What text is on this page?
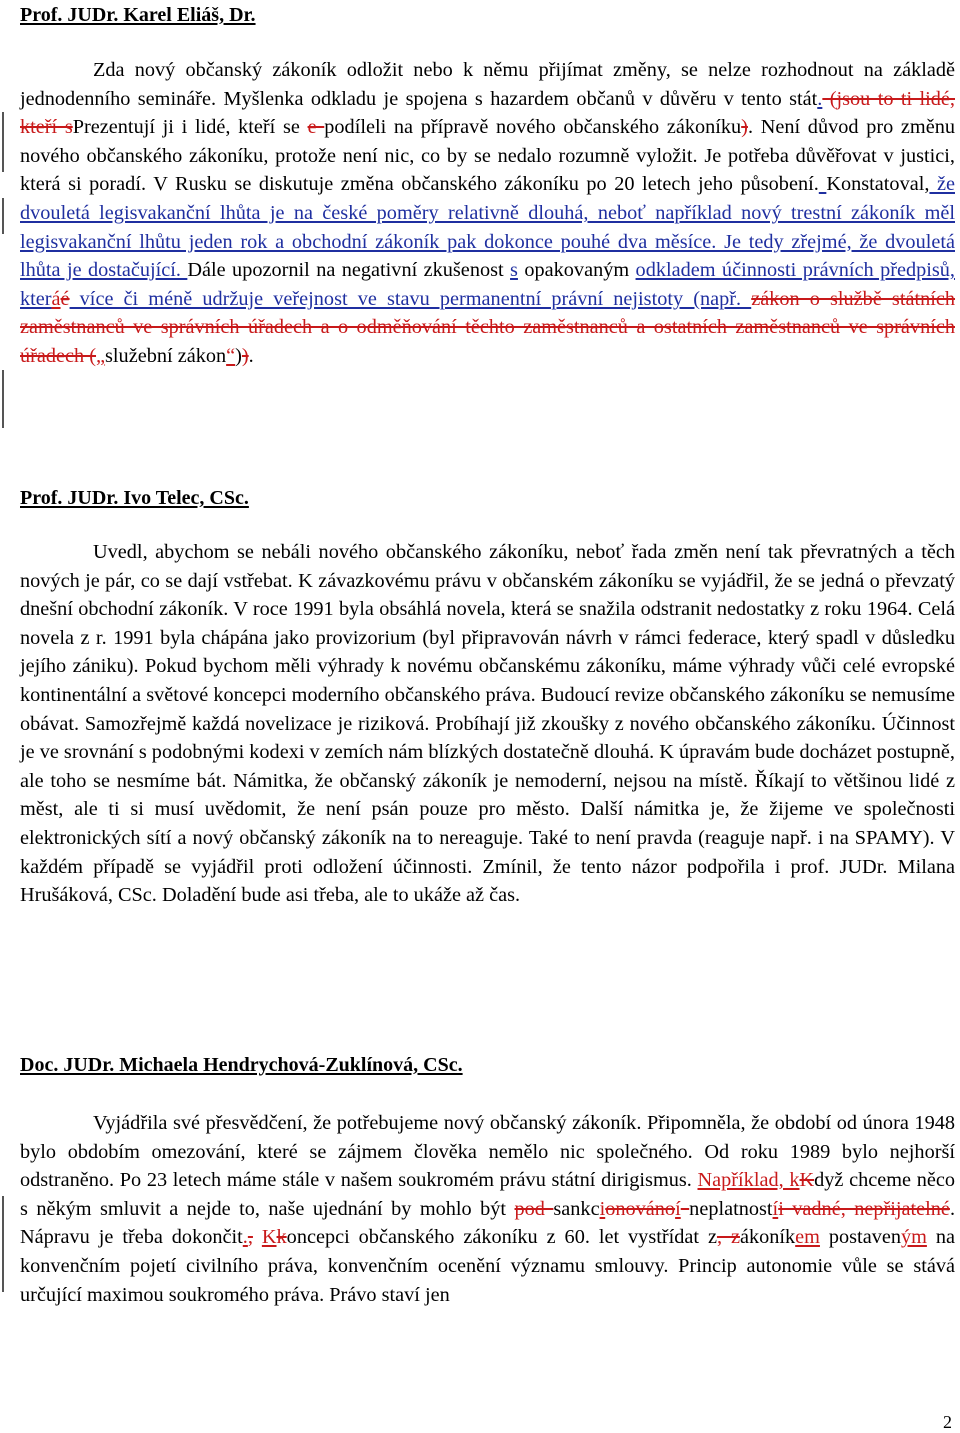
Prof. JUDr. Karel Eliáš, Dr.

Zda nový občanský zákoník odložit nebo k němu přijímat změny, se nelze rozhodnout na základě jednodenního semináře. Myšlenka odkladu je spojena s hazardem občanů v důvěru v tento stát. (jsou to ti lidé, kteří sPrezentují ji i lidé, kteří se e podíleli na přípravě nového občanského zákoníku). Není důvod pro změnu nového občanského zákoníku, protože není nic, co by se nedalo rozumně vyložit. Je potřeba důvěřovat v justici, která si poradí. V Rusku se diskutuje změna občanského zákoníku po 20 letech jeho působení. Konstatoval, že dvouletá legisvakanční lhůta je na české poměry relativně dlouhá, neboť například nový trestní zákoník měl legisvakanční lhůtu jeden rok a obchodní zákoník pak dokonce pouhé dva měsíce. Je tedy zřejmé, že dvouletá lhůta je dostačující. Dále upozornil na negativní zkušenost s opakovaným odkladem účinnosti právních předpisů, kteráé více či méně udržuje veřejnost ve stavu permanentní právní nejistoty (např. zákon o službě státních zaměstnanců ve správních úřadech a o odměňování těchto zaměstnanců a ostatních zaměstnanců ve správních úřadech („služební zákon“)).

Prof. JUDr. Ivo Telec, CSc.

Uvedl, abychom se nebáli nového občanského zákoníku, neboť řada změn není tak převratných a těch nových je pár, co se dají vstřebat. K závazkovému právu v občanském zákoníku se vyjádřil, že se jedná o převzatý dnešní obchodní zákoník. V roce 1991 byla obsáhlá novela, která se snažila odstranit nedostatky z roku 1964. Celá novela z r. 1991 byla chápána jako provizorium (byl připravován návrh v rámci federace, který spadl v důsledku jejího zániku). Pokud bychom měli výhrady k novému občanskému zákoníku, máme výhrady vůči celé evropské kontinentální a světové koncepci moderního občanského práva. Budoucí revize občanského zákoníku se nemusíme obávat. Samozřejmě každá novelizace je riziková. Probíhají již zkoušky z nového občanského zákoníku. Účinnost je ve srovnání s podobnými kodexi v zemích nám blízkých dostatečně dlouhá. K úpravám bude docházet postupně, ale toho se nesmíme bát. Námitka, že občanský zákoník je nemoderní, nejsou na místě. Říkají to většinou lidé z měst, ale ti si musí uvědomit, že není psán pouze pro město. Další námitka je, že žijeme ve společnosti elektronických sítí a nový občanský zákoník na to nereaguje. Také to není pravda (reaguje např. i na SPAMY). V každém případě se vyjádřil proti odložení účinnosti. Zmínil, že tento názor podpořila i prof. JUDr. Milana Hrušáková, CSc. Doladění bude asi třeba, ale to ukáže až čas.

Doc. JUDr. Michaela Hendrychová-Zuklínová, CSc.

Vyjádřila své přesvědčení, že potřebujeme nový občanský zákoník. Připomněla, že období od února 1948 bylo obdobím omezování, které se zájmem člověka nemělo nic společného. Od roku 1989 bylo nejhorší odstraněno. Po 23 letech máme stále v našem soukromém právu státní dirigismus. Například, kKdyž chceme něco s někým smluvit a nejde to, naše ujednání by mohlo být pod sankcionovánoí neplatnostíi vadné, nepřijatelné. Nápravu je třeba dokončit., Kkoncepci občanského zákoníku z 60. let vystřídat z, zákoníkem postaveným na konvenčním pojetí civilního práva, konvenčním ocenění významu smlouvy. Princip autonomie vůle se stává určující maximou soukromého práva. Právo staví jen

2
